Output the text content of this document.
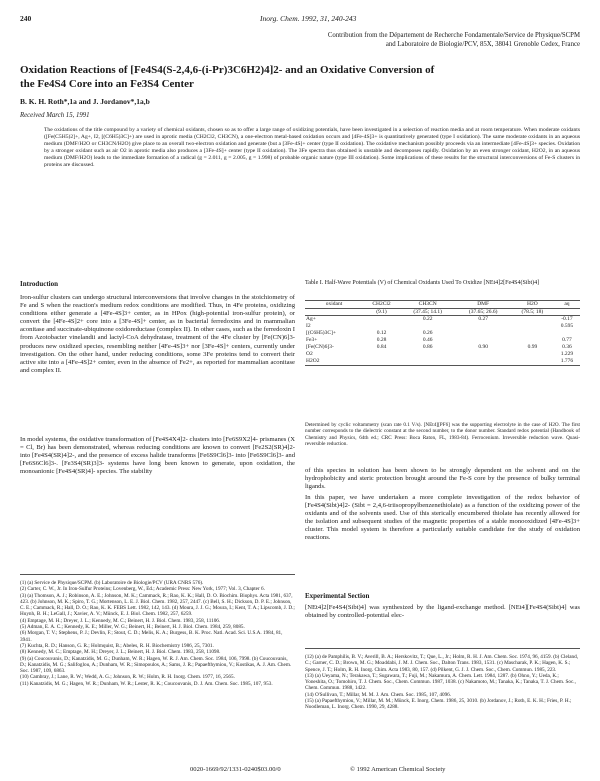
240	Inorg. Chem. 1992, 31, 240-243
Contribution from the Département de Recherche Fondamentale/Service de Physique/SCPM
and Laboratoire de Biologie/PCV, 85X, 38041 Grenoble Cedex, France
Oxidation Reactions of [Fe4S4(S-2,4,6-(i-Pr)3C6H2)4]2- and an Oxidative Conversion of
the Fe4S4 Core into an Fe3S4 Center
B. K. H. Roth*,1a and J. Jordanov*,1a,b
Received March 15, 1991
The oxidations of the title compound by a variety of chemical oxidants, chosen so as to offer a large range of oxidizing potentials, have been investigated in a selection of reaction media and at room temperature. When moderate oxidants ([Fe(C5H5)2]+, Ag+, I2, [(C6H5)3C]+) are used in aprotic media (CH2Cl2, CH3CN), a one-electron metal-based oxidation occurs and [4Fe-4S]3+ is quantitatively generated (type I oxidation). The same moderate oxidants in an aqueous medium (DMF/H2O or CH3CN/H2O) give place to an overall two-electron oxidation and generate (but a [3Fe-4S]+ center (type II oxidation). The oxidative mechanism possibly proceeds via an intermediate [4Fe-4S]3+ species. Oxidation by a stronger oxidant such as air O2 in aprotic media also produces a [3Fe-4S]+ center (type II oxidation). The 3Fe spectra thus obtained is unstable and decomposes rapidly. Oxidation by an even stronger oxidant, H2O2, in an aqueous medium (DMF/H2O) leads to the immediate formation of a radical (g = 2.011, g = 2.005, g = 1.998) of probable organic nature (type III oxidation). Some implications of these results for the structural interconversions of Fe-S clusters in proteins are discussed.
Introduction
Iron-sulfur clusters can undergo structural interconversions that involve changes in the stoichiometry of Fe and S when the reaction's medium redox conditions are modified. Thus, in 4Fe proteins, oxidizing conditions either generate a [4Fe-4S]3+ center, as in HPox (high-potential iron-sulfur protein), or convert the [4Fe-4S]2+ core into a [3Fe-4S]+ center, as in bacterial ferredoxins and in mammalian aconitase and succinate-ubiquinone oxidoreductase (complex II). In other cases, such as the ferredoxin I from Azotobacter vinelandii and lactyl-CoA dehydratase, treatment of the 4Fe cluster by [Fe(CN)6]3- produces new oxidized species, resembling neither [4Fe-4S]3+ nor [3Fe-4S]+ centers, currently under investigation. On the other hand, under reducing conditions, some 3Fe proteins tend to convert their active site into a [4Fe-4S]2+ center, even in the absence of Fe2+, as reported for mammalian aconitase and complex II.
In model systems, the oxidative transformation of [Fe4S4X4]2- clusters into [Fe6S9X2]4- prismanes (X = Cl, Br) has been demonstrated, whereas reducing conditions are known to convert [Fe2S2(SR)4]2- into [Fe4S4(SR)4]2-, and the presence of excess halide transforms [Fe6S9Cl6]3- into [Fe6S9Cl6]3- and [Fe6S6Cl6]3-. [Fe3S4(SR)3]3- systems have long been known to generate, upon oxidation, the monoanionic [Fe4S4(SR)4]- species. The stability

(1) (a) Service de Physique/SCPM. (b) Laboratoire de Biologie/PCV (URA CNRS 576).

(2) Carter, C. W., Jr. In Iron-Sulfur Proteins; Lovenberg, W., Ed.; Academic Press: New York, 1977; Vol. 3, Chapter 6.

(3) (a) Thomson, A. J.; Robinson, A. E.; Johnson, M. K.; Cammack, R.; Rao, K. K.; Hall, D. O. Biochim. Biophys. Acta 1981, 637, 423. (b) Johnson, M. K.; Spiro, T. G.; Mortenson, L. E. J. Biol. Chem. 1982, 257, 2447. (c) Bell, S. H.; Dickson, D. P. E.; Johnson, C. E.; Cammack, R.; Hall, D. O.; Rao, K. K. FEBS Lett. 1982, 142, 143. (d) Moura, J. J. G.; Moura, I.; Kent, T. A.; Lipscomb, J. D.; Huynh, B. H.; LeGall, J.; Xavier, A. V.; Münck, E. J. Biol. Chem. 1982, 257, 6259.

(4) Emptage, M. H.; Dreyer, J. L.; Kennedy, M. C.; Beinert, H. J. Biol. Chem. 1983, 258, 11106.

(5) Adman, E. A. C.; Kennedy, K. E.; Miller, W. G.; Beinert, H.; Beinert, H. J. Biol. Chem. 1984, 259, 8085.

(6) Morgan, T. V.; Stephens, P. J.; Devlin, F.; Stout, C. D.; Melis, K. A.; Burgess, B. K. Proc. Natl. Acad. Sci. U.S.A. 1984, 81, 3941.

(7) Kuchta, R. D.; Hanson, G. R.; Holmquist, B.; Abeles, R. H. Biochemistry 1986, 25, 7301.

(8) Kennedy, M. C.; Emptage, M. H.; Dreyer, J. L.; Beinert, H. J. Biol. Chem. 1983, 258, 11098.

(9) (a) Coucouvanis, D.; Kanatzidis, M. G.; Dunham, W. R.; Hagen, W. R. J. Am. Chem. Soc. 1984, 106, 7998. (b) Coucouvanis, D.; Kanatzidis, M. G.; Salifoglou, A.; Dunham, W. R.; Simopoulos, A.; Sams, J. R.; Papaefthymiou, V.; Kostikas, A. J. Am. Chem. Soc. 1987, 109, 6863.

(10) Cambray, J.; Lane, R. W.; Wedd, A. G.; Johnson, R. W.; Holm, R. H. Inorg. Chem. 1977, 16, 2565.

(11) Kanatzidis, M. G.; Hagen, W. R.; Dunham, W. R.; Lester, R. K.; Coucouvanis, D. J. Am. Chem. Soc. 1985, 107, 953.

Table I. Half-Wave Potentials (V) of Chemical Oxidants Used To Oxidize [NEt4]2[Fe4S4(Sibt)4]
oxidant	CH2Cl2	CH3CN	DMF	H2O	aq
	(9.1)	(37.45; 14.1)	(37.65; 26.6)	(78.5; 18)	
Ag+		0.22	0.27		-0.17
I2					0.595
[(C6H5)3C]+	0.12	0.26			
Fe3+	0.28	0.46			0.77
[Fe(CN)6]3-	0.84	0.86	0.90	0.99	0.36
O2					1.229
H2O2					1.776
Determined by cyclic voltammetry (scan rate 0.1 V/s). [NEt4][PF6] was the supporting electrolyte in the case of H2O. The first number corresponds to the dielectric constant at the second number, to the donor number. Standard redox potential (Handbook of Chemistry and Physics, 64th ed.; CRC Press: Boca Raton, FL, 1983-84). Ferrocenium. Irreversible reduction wave. Quasi-reversible reduction.
of this species in solution has been shown to be strongly dependent on the solvent and on the hydrophobicity and steric protection brought around the Fe-S core by the presence of bulky terminal ligands.
In this paper, we have undertaken a more complete investigation of the redox behavior of [Fe4S4(Sibt)4]2- (Sibt = 2,4,6-triisopropylbenzenethiolate) as a function of the oxidizing power of the oxidants and of the solvents used. Use of this sterically encumbered thiolate has recently allowed for the isolation and subsequent studies of the magnetic properties of a stable monooxidized [4Fe-4S]3+ cluster. This model system is therefore a particularly suitable candidate for the study of oxidation reactions.
Experimental Section
[NEt4]2[Fe4S4(Sibt)4] was synthesized by the ligand-exchange method. [NEt4][Fe4S4(Sibt)4] was obtained by controlled-potential elec-

(12) (a) de Pamphilis, B. V.; Averill, B. A.; Herskovitz, T.; Que, L., Jr.; Holm, R. H. J. Am. Chem. Soc. 1974, 96, 4159. (b) Cleland, C.; Garner, C. D.; Brown, M. G.; Moaddabi, J. M. J. Chem. Soc., Dalton Trans. 1983, 1531. (c) Mascharak, P. K.; Hagen, K. S.; Spence, J. T.; Holm, R. H. Inorg. Chim. Acta 1983, 80, 157. (d) Pilkent, G. J. J. Chem. Soc., Chem. Commun. 1985, 223.

(13) (a) Ueyama, N.; Terakawa, T.; Sugawara, T.; Fuji, M.; Nakamura, A. Chem. Lett. 1984, 1287. (b) Ohno, Y.; Ueda, K.; Yoneshita, O.; Tomohiro, T. J. Chem. Soc., Chem. Commun. 1987, 1038. (c) Nakamoto, M.; Tanaka, K.; Tanaka, T. J. Chem. Soc., Chem. Commun. 1988, 1422.

(14) O'Sullivan, T.; Millar, M. M. J. Am. Chem. Soc. 1985, 107, 4096.

(15) (a) Papaefthymiou, V.; Millar, M. M.; Münck, E. Inorg. Chem. 1986, 25, 3010. (b) Jordanov, J.; Roth, E. K. H.; Fries, P. H.; Noodleman, L. Inorg. Chem. 1990, 29, 4288.

0020-1669/92/1331-0240$03.00/0	© 1992 American Chemical Society
